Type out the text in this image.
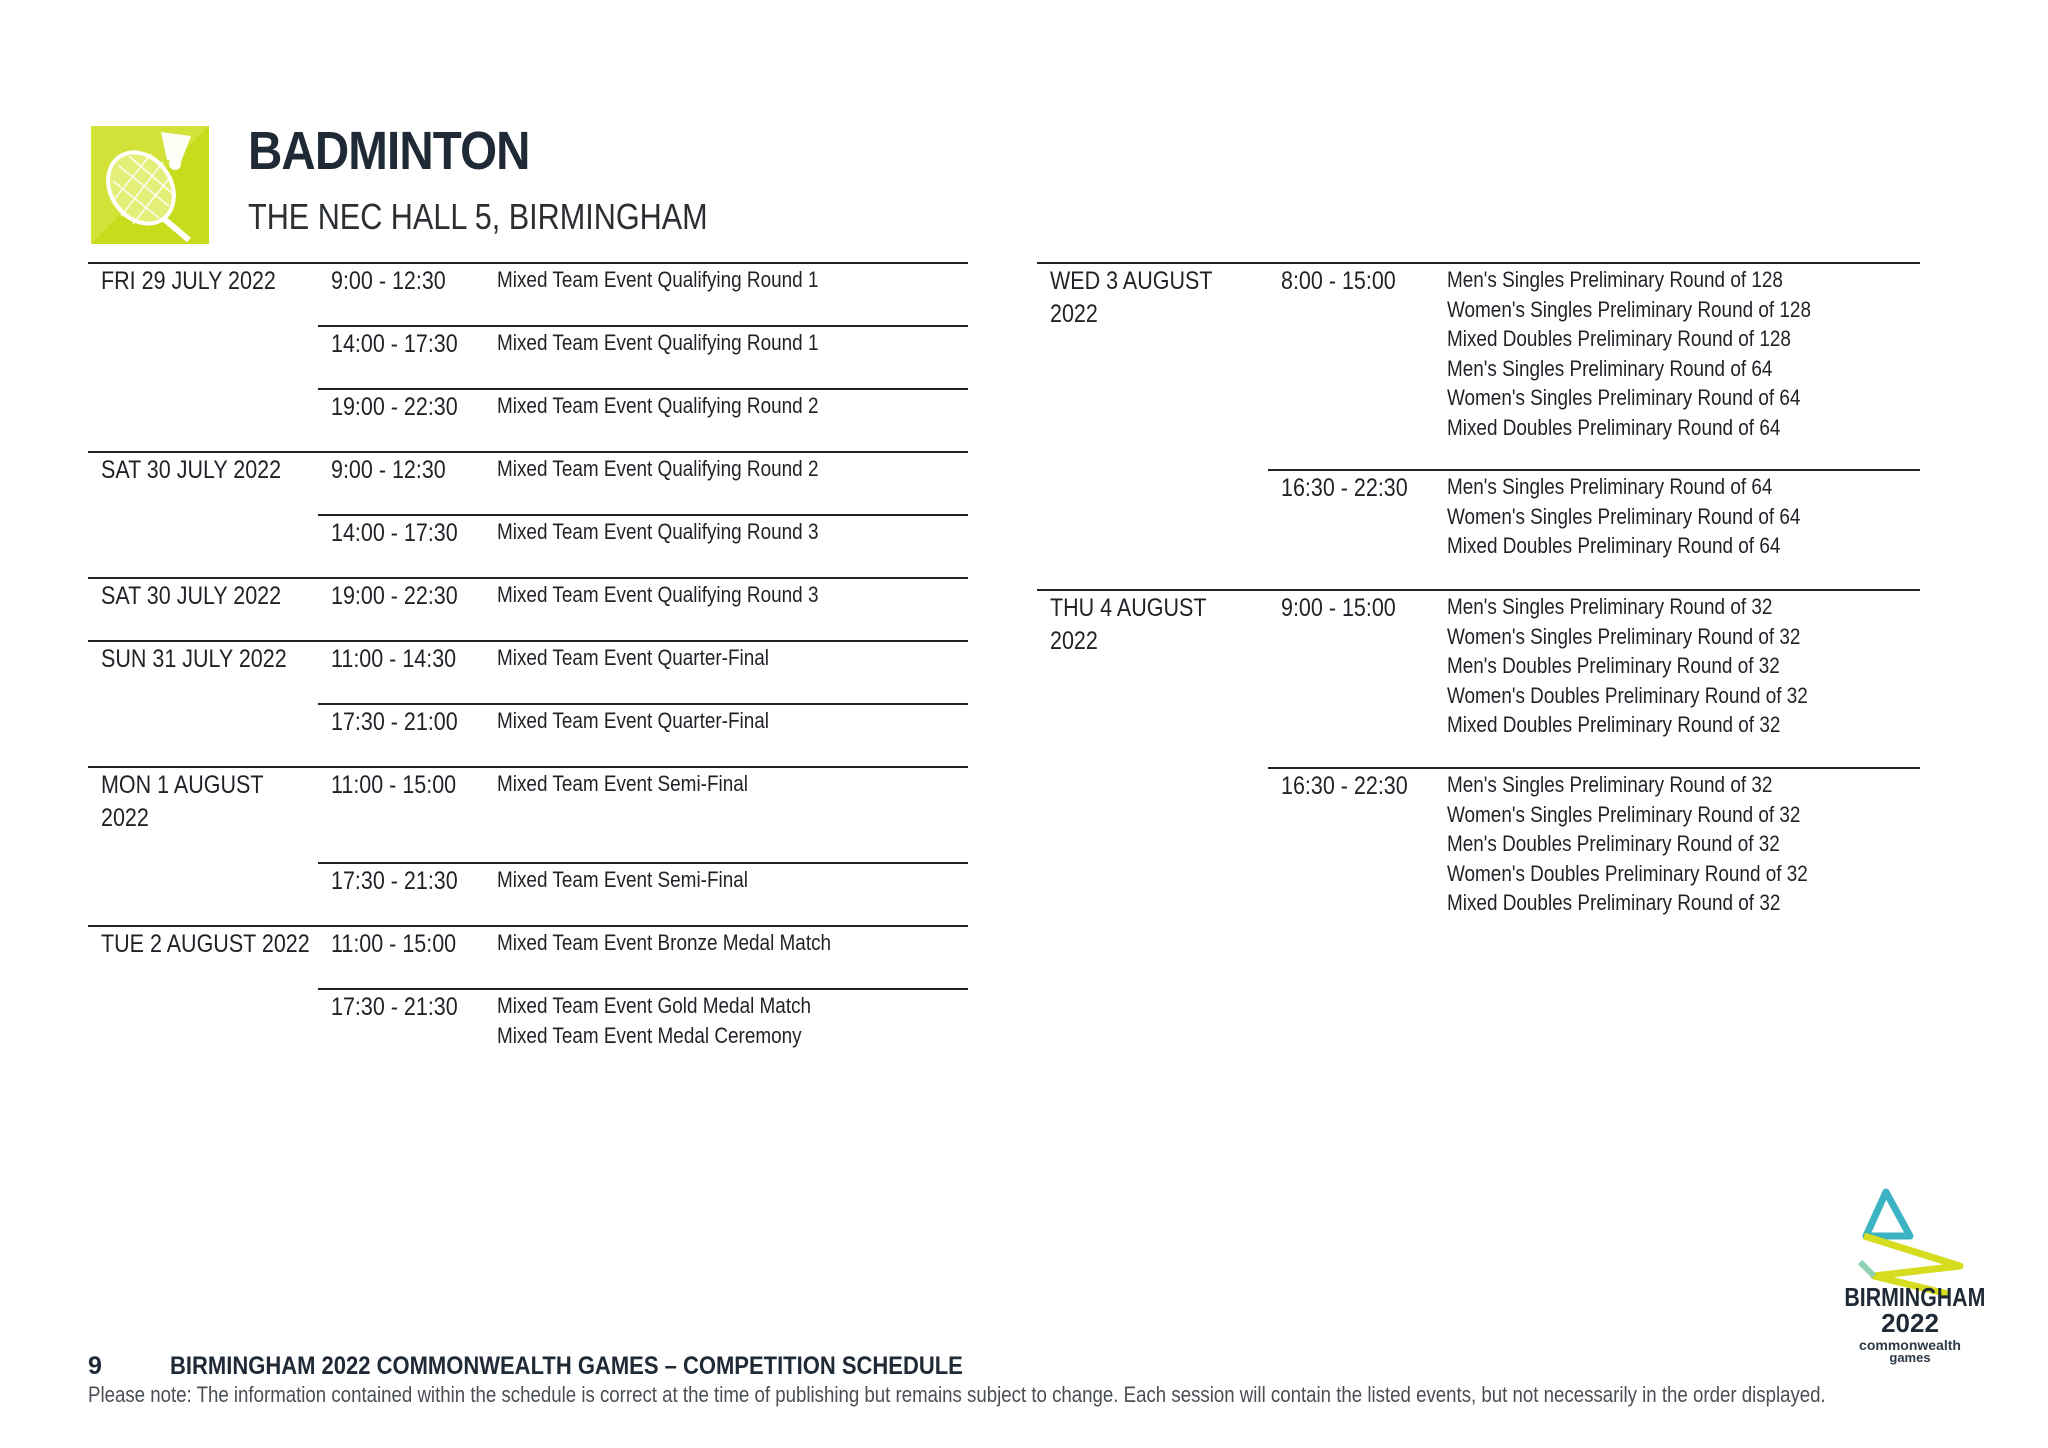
BADMINTON
THE NEC HALL 5, BIRMINGHAM
FRI 29 JULY 2022 9:00 - 12:30 Mixed Team Event Qualifying Round 1
14:00 - 17:30 Mixed Team Event Qualifying Round 1
19:00 - 22:30 Mixed Team Event Qualifying Round 2
SAT 30 JULY 2022 9:00 - 12:30 Mixed Team Event Qualifying Round 2
14:00 - 17:30 Mixed Team Event Qualifying Round 3
SAT 30 JULY 2022 19:00 - 22:30 Mixed Team Event Qualifying Round 3
SUN 31 JULY 2022 11:00 - 14:30 Mixed Team Event Quarter-Final
17:30 - 21:00 Mixed Team Event Quarter-Final
MON 1 AUGUST
2022
11:00 - 15:00 Mixed Team Event Semi-Final
17:30 - 21:30 Mixed Team Event Semi-Final
TUE 2 AUGUST 2022 11:00 - 15:00 Mixed Team Event Bronze Medal Match
17:30 - 21:30 Mixed Team Event Gold Medal Match
Mixed Team Event Medal Ceremony
WED 3 AUGUST
2022
8:00 - 15:00 Men's Singles Preliminary Round of 128
Women's Singles Preliminary Round of 128
Mixed Doubles Preliminary Round of 128
Men's Singles Preliminary Round of 64
Women's Singles Preliminary Round of 64
Mixed Doubles Preliminary Round of 64
16:30 - 22:30 Men's Singles Preliminary Round of 64
Women's Singles Preliminary Round of 64
Mixed Doubles Preliminary Round of 64
THU 4 AUGUST
2022
9:00 - 15:00 Men's Singles Preliminary Round of 32
Women's Singles Preliminary Round of 32
Men's Doubles Preliminary Round of 32
Women's Doubles Preliminary Round of 32
Mixed Doubles Preliminary Round of 32
16:30 - 22:30 Men's Singles Preliminary Round of 32
Women's Singles Preliminary Round of 32
Men's Doubles Preliminary Round of 32
Women's Doubles Preliminary Round of 32
Mixed Doubles Preliminary Round of 32
BIRMINGHAM
2022
commonwealth
games
9	BIRMINGHAM 2022 COMMONWEALTH GAMES – COMPETITION SCHEDULE
Please note: The information contained within the schedule is correct at the time of publishing but remains subject to change. Each session will contain the listed events, but not necessarily in the order displayed.
